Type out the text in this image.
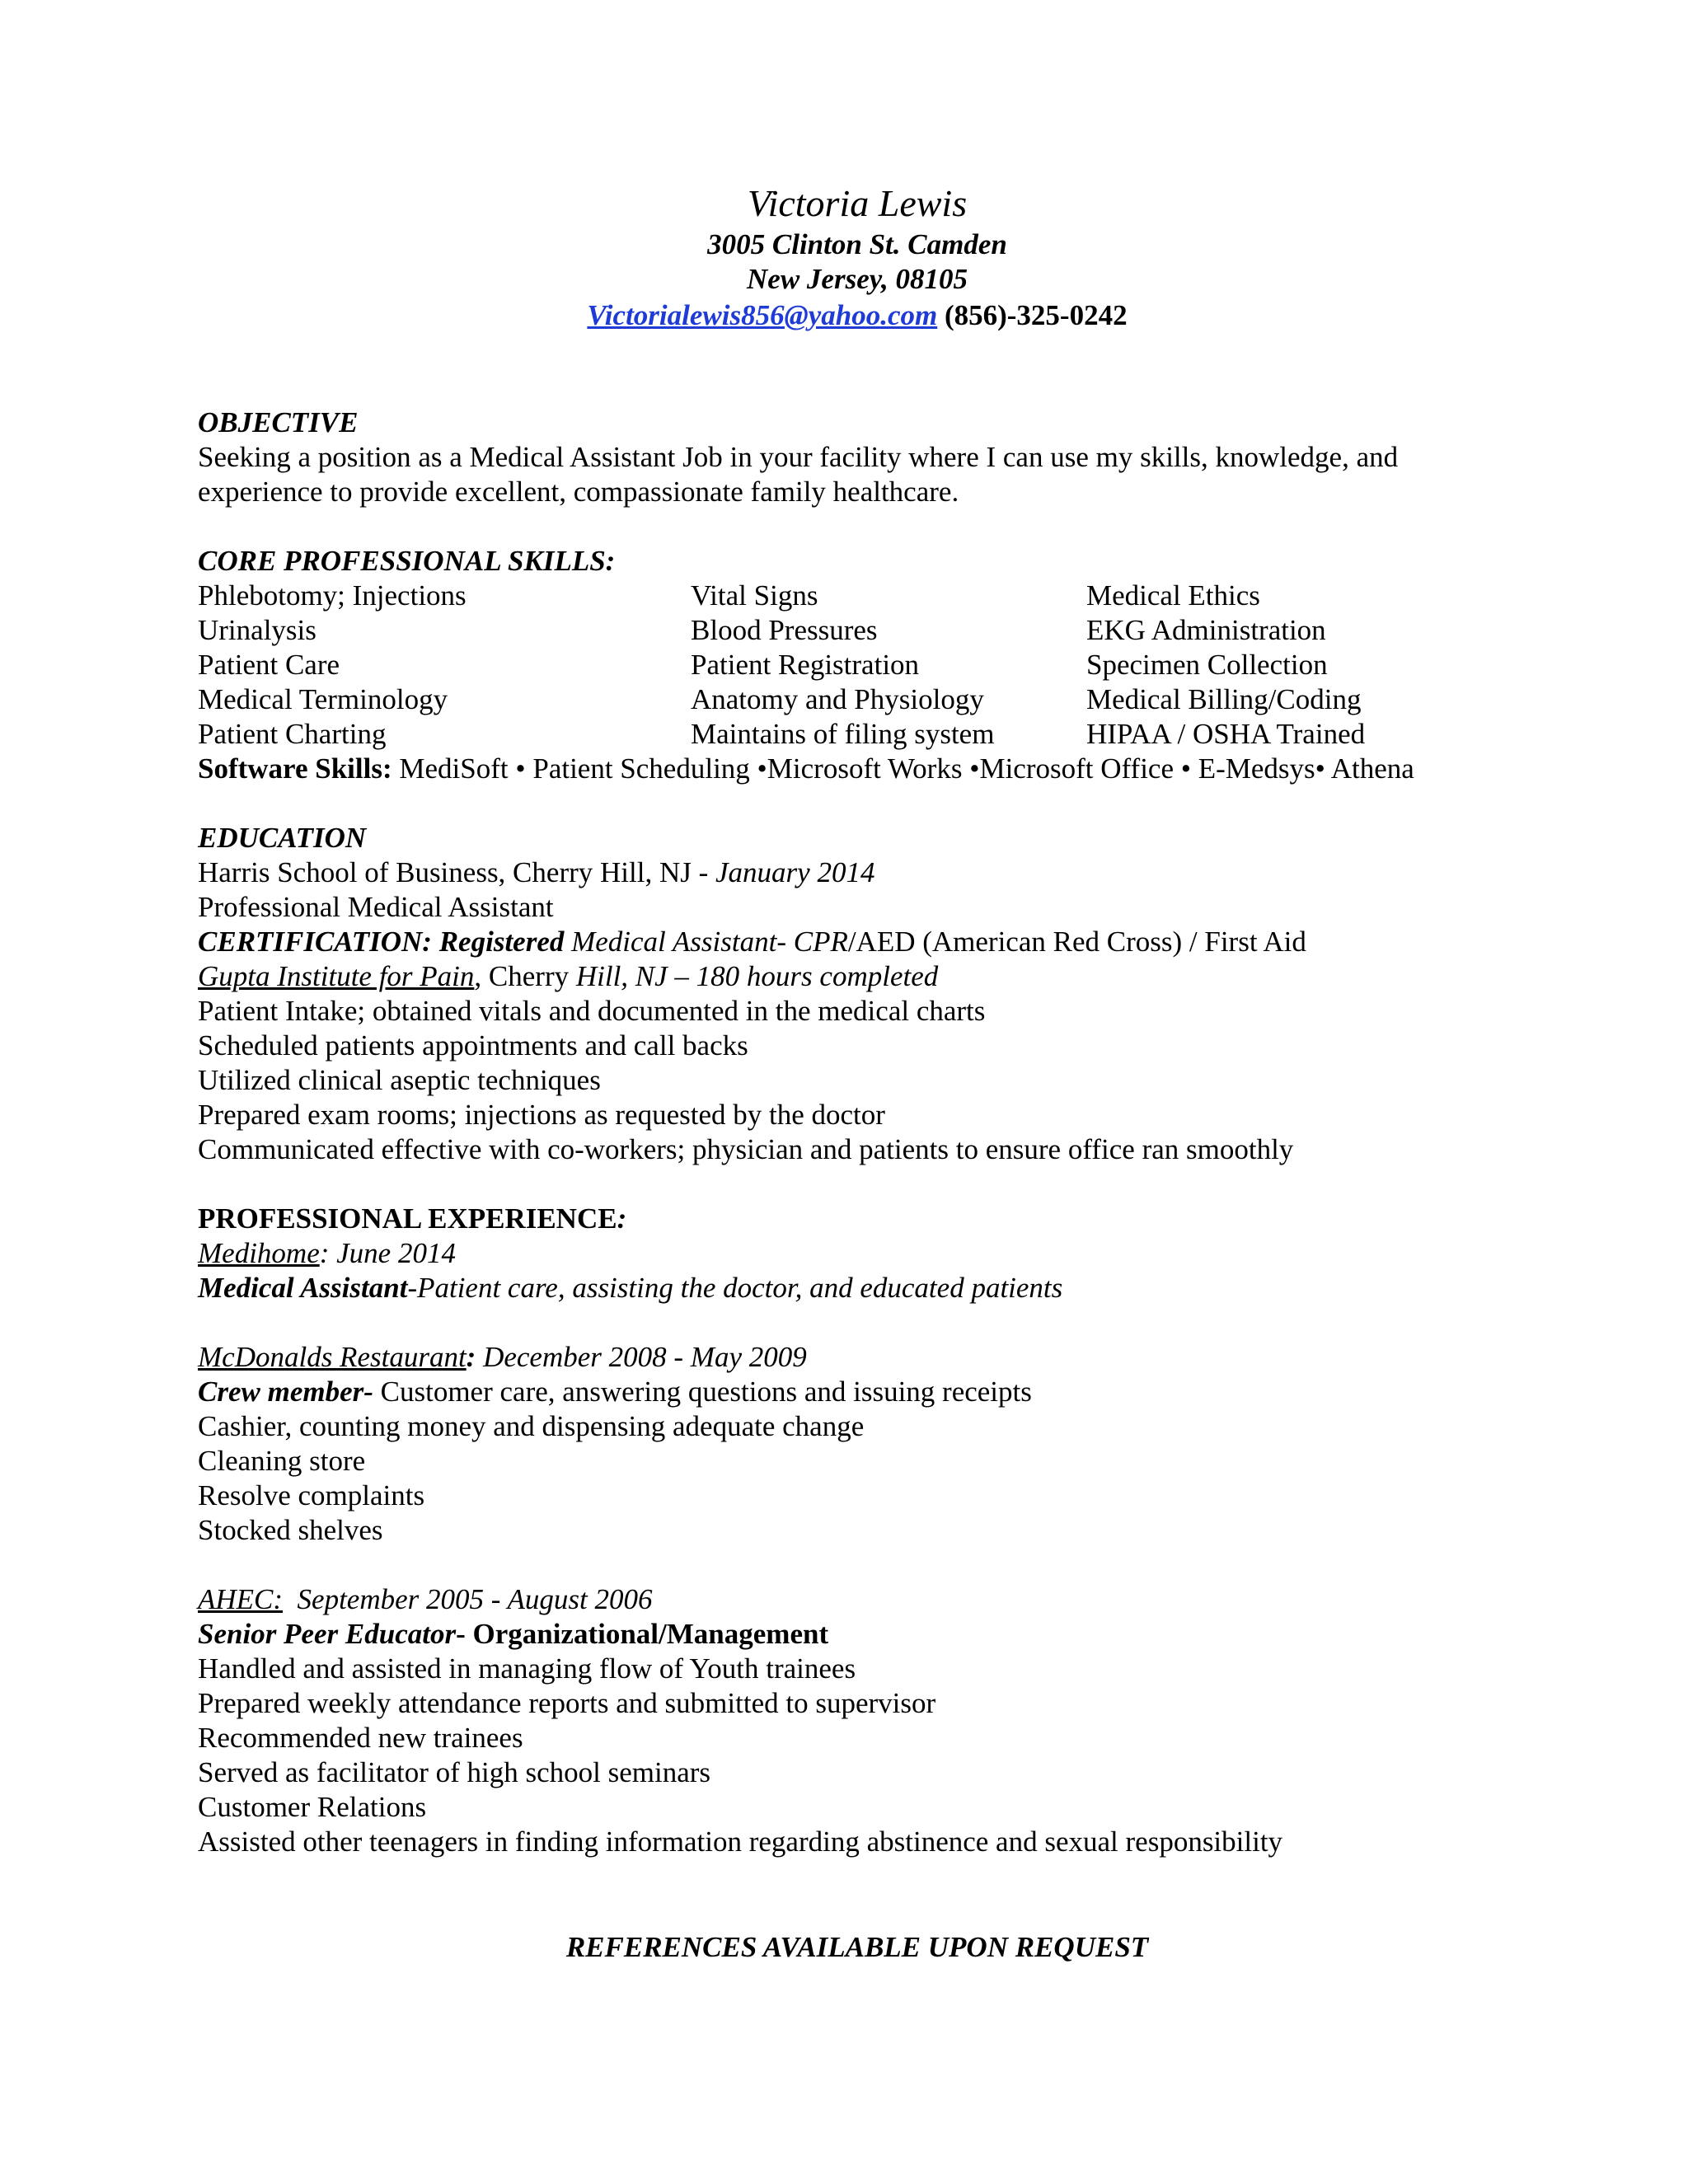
Victoria Lewis
3005 Clinton St. Camden
New Jersey, 08105
Victorialewis856@yahoo.com (856)-325-0242
OBJECTIVE
Seeking a position as a Medical Assistant Job in your facility where I can use my skills, knowledge, and
experience to provide excellent, compassionate family healthcare.
CORE PROFESSIONAL SKILLS:
Phlebotomy; Injections	Vital Signs	Medical Ethics
Urinalysis	Blood Pressures	EKG Administration
Patient Care	Patient Registration	Specimen Collection
Medical Terminology	Anatomy and Physiology	Medical Billing/Coding
Patient Charting	Maintains of filing system	HIPAA / OSHA Trained
Software Skills: MediSoft • Patient Scheduling •Microsoft Works •Microsoft Office • E-Medsys• Athena
EDUCATION
Harris School of Business, Cherry Hill, NJ - January 2014
Professional Medical Assistant
CERTIFICATION: Registered Medical Assistant- CPR/AED (American Red Cross) / First Aid
Gupta Institute for Pain, Cherry Hill, NJ – 180 hours completed
Patient Intake; obtained vitals and documented in the medical charts
Scheduled patients appointments and call backs
Utilized clinical aseptic techniques
Prepared exam rooms; injections as requested by the doctor
Communicated effective with co-workers; physician and patients to ensure office ran smoothly
PROFESSIONAL EXPERIENCE:
Medihome: June 2014
Medical Assistant-Patient care, assisting the doctor, and educated patients
McDonalds Restaurant: December 2008 - May 2009
Crew member- Customer care, answering questions and issuing receipts
Cashier, counting money and dispensing adequate change
Cleaning store
Resolve complaints
Stocked shelves
AHEC: September 2005 - August 2006
Senior Peer Educator- Organizational/Management
Handled and assisted in managing flow of Youth trainees
Prepared weekly attendance reports and submitted to supervisor
Recommended new trainees
Served as facilitator of high school seminars
Customer Relations
Assisted other teenagers in finding information regarding abstinence and sexual responsibility
REFERENCES AVAILABLE UPON REQUEST
